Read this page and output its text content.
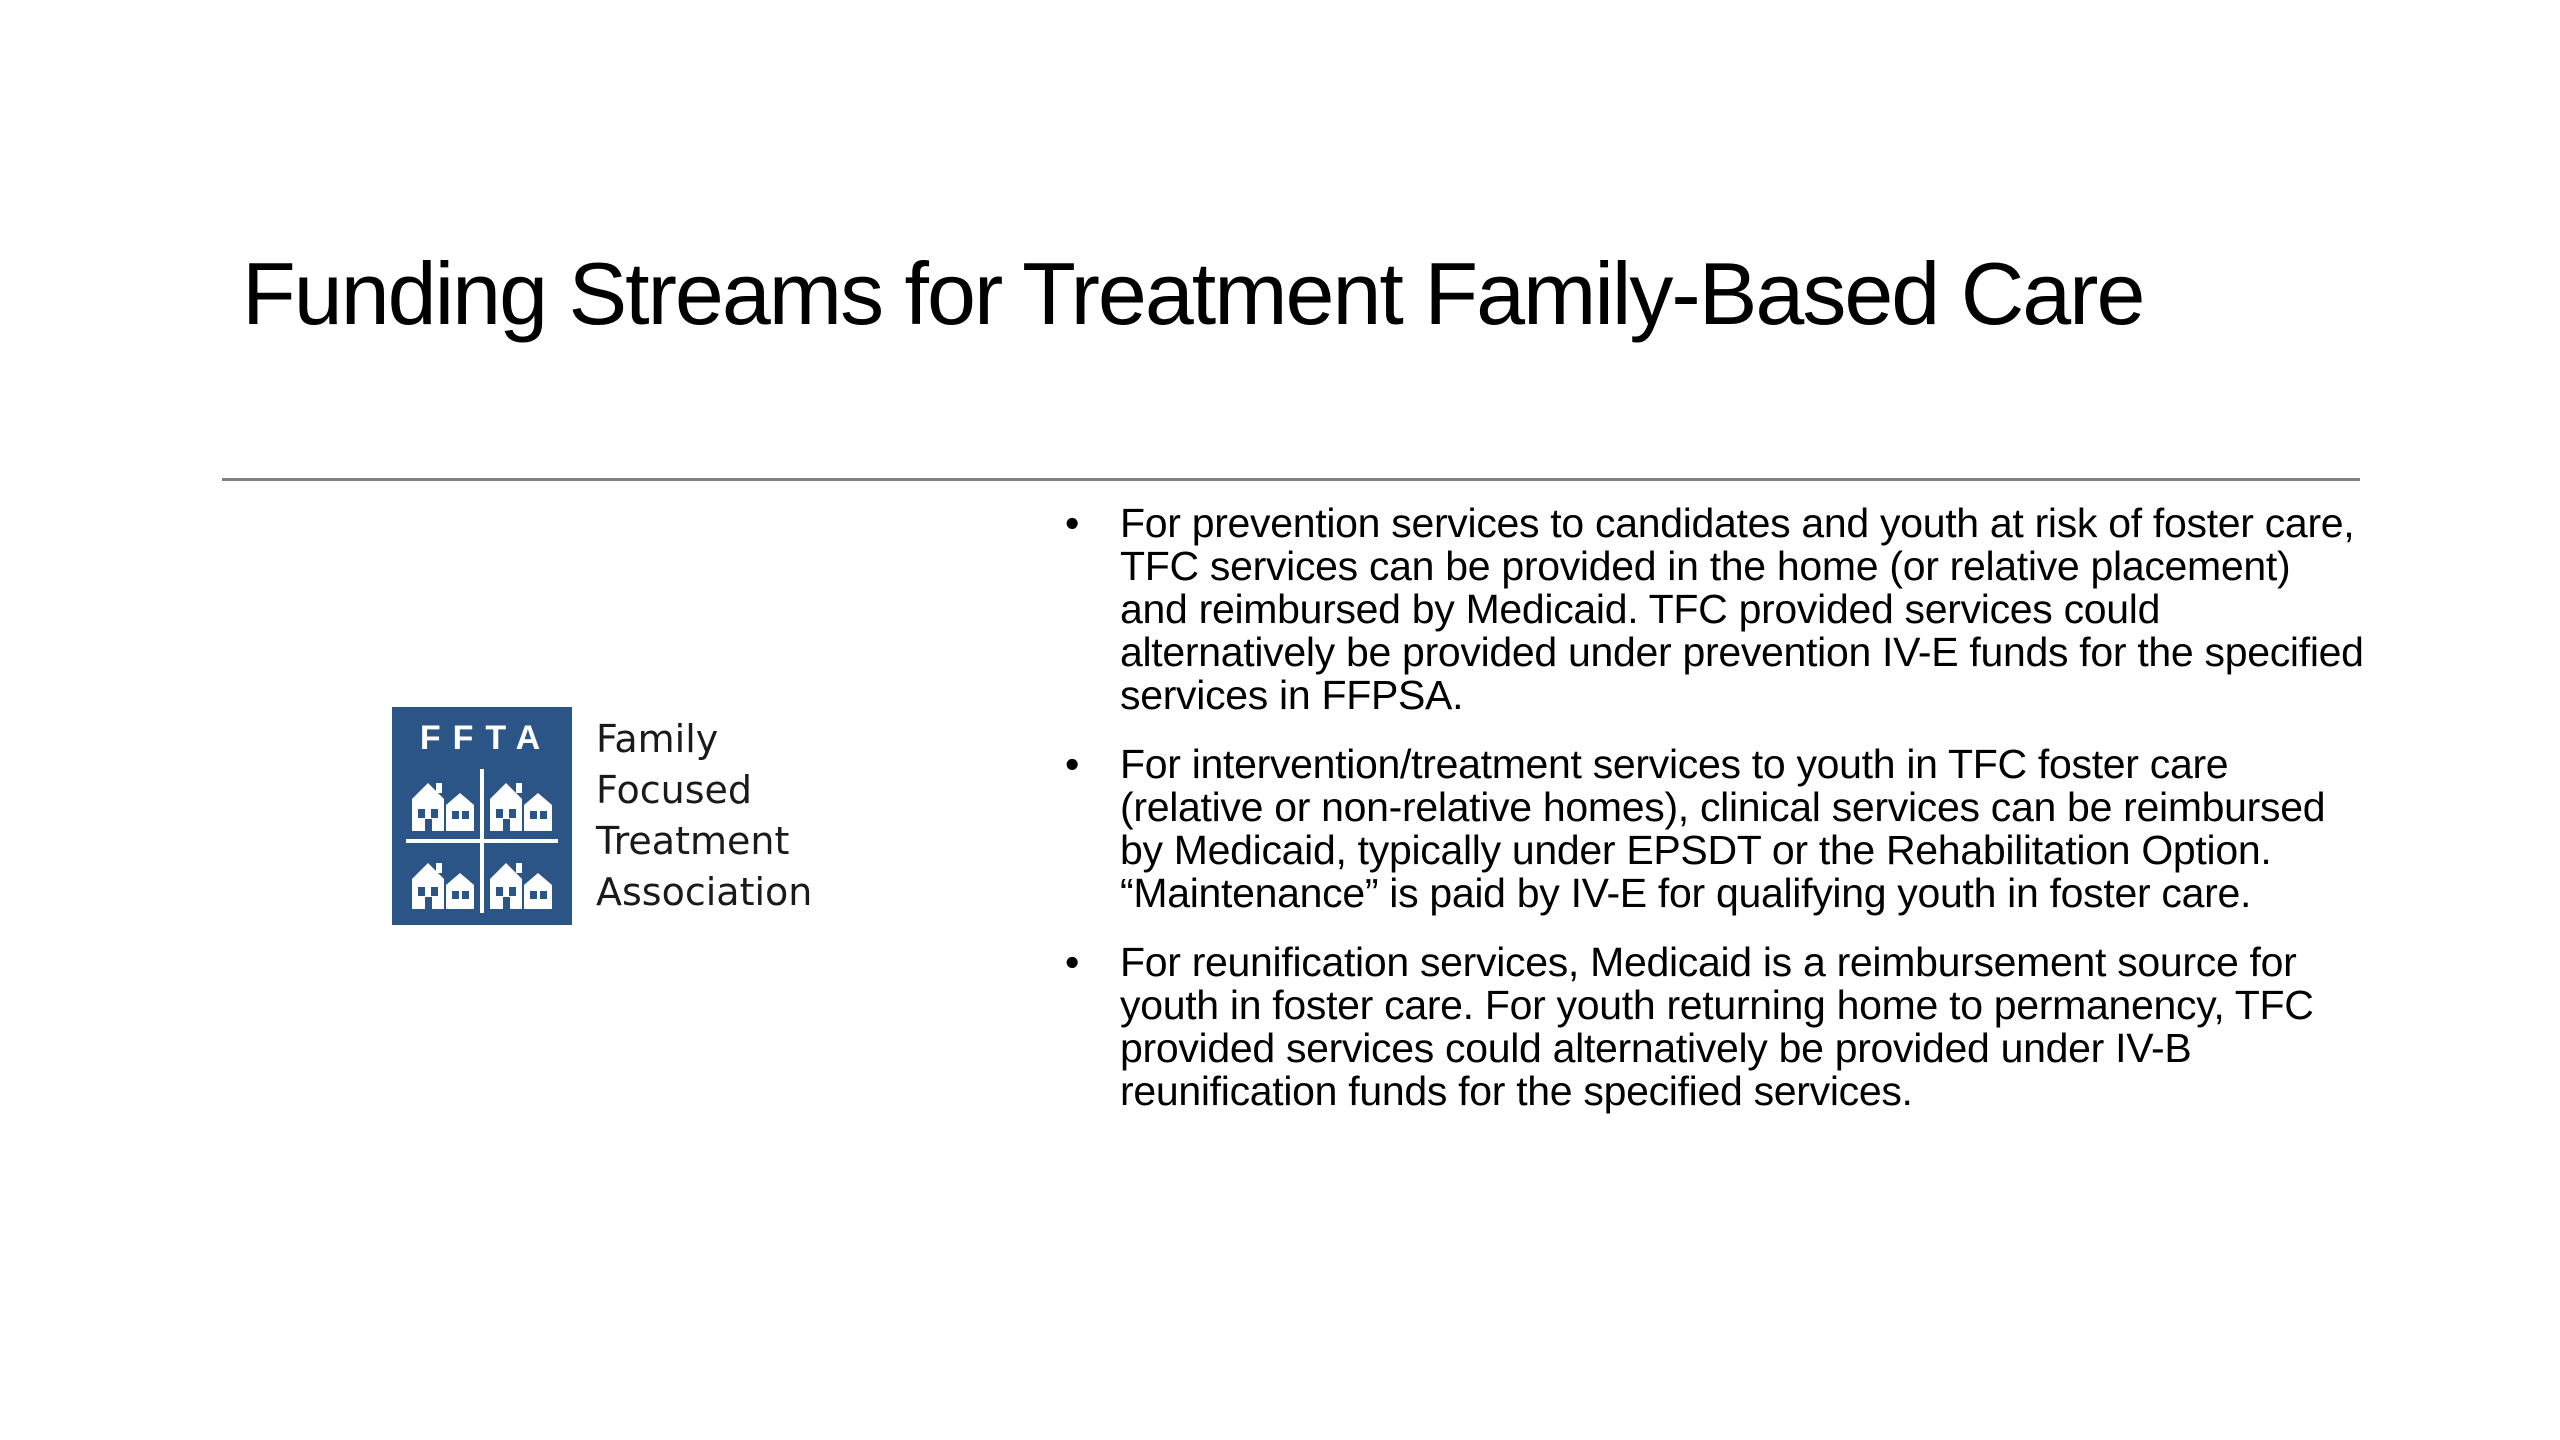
Funding Streams for Treatment Family-Based Care
FFTA	Family
Focused
Treatment
Association
• For prevention services to candidates and youth at risk of foster care, TFC services can be provided in the home (or relative placement) and reimbursed by Medicaid. TFC provided services could alternatively be provided under prevention IV-E funds for the specified services in FFPSA.
• For intervention/treatment services to youth in TFC foster care (relative or non-relative homes), clinical services can be reimbursed by Medicaid, typically under EPSDT or the Rehabilitation Option. “Maintenance” is paid by IV-E for qualifying youth in foster care.
• For reunification services, Medicaid is a reimbursement source for youth in foster care. For youth returning home to permanency, TFC provided services could alternatively be provided under IV-B reunification funds for the specified services.
